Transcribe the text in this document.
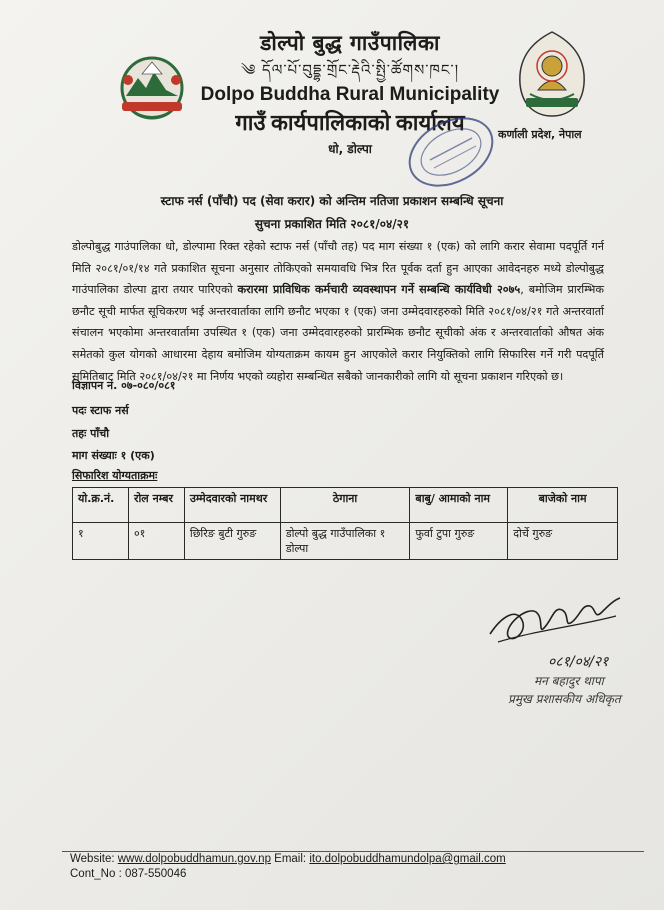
डोल्पो बुद्ध गाउँपालिका
༄ དོལ་པོ་བུདྡྷ་གྲོང་རྡེའི་སྤྱི་ཚོགས་ཁང་།
Dolpo Buddha Rural Municipality
गाउँ कार्यपालिकाको कार्यालय
धो, डोल्पा
कर्णाली प्रदेश, नेपाल
स्टाफ नर्स (पाँचौ) पद (सेवा करार) को अन्तिम नतिजा प्रकाशन सम्बन्धि सूचना
सुचना प्रकाशित मिति २०८१/०४/२१
डोल्पोबुद्ध गाउंपालिका धो, डोल्पामा रिक्त रहेको स्टाफ नर्स (पाँचौ तह) पद माग संख्या १ (एक) को लागि करार सेवामा पदपूर्ति गर्न मिति २०८१/०१/१४ गते प्रकाशित सूचना अनुसार तोकिएको समयावधि भित्र रित पूर्वक दर्ता हुन आएका आवेदनहरु मध्ये डोल्पोबुद्ध गाउंपालिका डोल्पा द्वारा तयार पारिएको करारमा प्राविधिक कर्मचारी व्यवस्थापन गर्ने सम्बन्धि कार्यविधी २०७५, बमोजिम प्रारम्भिक छनौट सूची मार्फत सूचिकरण भई अन्तरवार्ताका लागि छनौट भएका १ (एक) जना उम्मेदवारहरुको मिति २०८१/०४/२१ गते अन्तरवार्ता संचालन भएकोमा अन्तरवार्तामा उपस्थित १ (एक) जना उम्मेदवारहरुको प्रारम्भिक छनौट सूचीको अंक र अन्तरवार्ताको औषत अंक समेतको कुल योगको आधारमा देहाय बमोजिम योग्यताक्रम कायम हुन आएकोले करार नियुक्तिको लागि सिफारिस गर्ने गरी पदपूर्ति समितिबाट मिति २०८१/०४/२१ मा निर्णय भएको व्यहोरा सम्बन्धित सबैको जानकारीको लागि यो सूचना प्रकाशन गरिएको छ।
विज्ञापन नं. ०७-०८०/०८१
पदः स्टाफ नर्स
तहः पाँचौ
माग संख्याः १ (एक)
सिफारिश योग्यताक्रमः
यो.क्र.नं.	रोल नम्बर	उम्मेदवारको नामथर	ठेगाना	बाबु/ आमाको नाम	बाजेको नाम
१	०१	छिरिङ बुटी गुरुङ	डोल्पो बुद्ध गाउँपालिका १ डोल्पा	फुर्वा टुपा गुरुङ	दोर्चे गुरुङ
०८१/०४/२१
मन बहादुर थापा
प्रमुख प्रशासकीय अधिकृत
Website: www.dolpobuddhamun.gov.np Email: ito.dolpobuddhamundolpa@gmail.com
Cont_No : 087-550046
